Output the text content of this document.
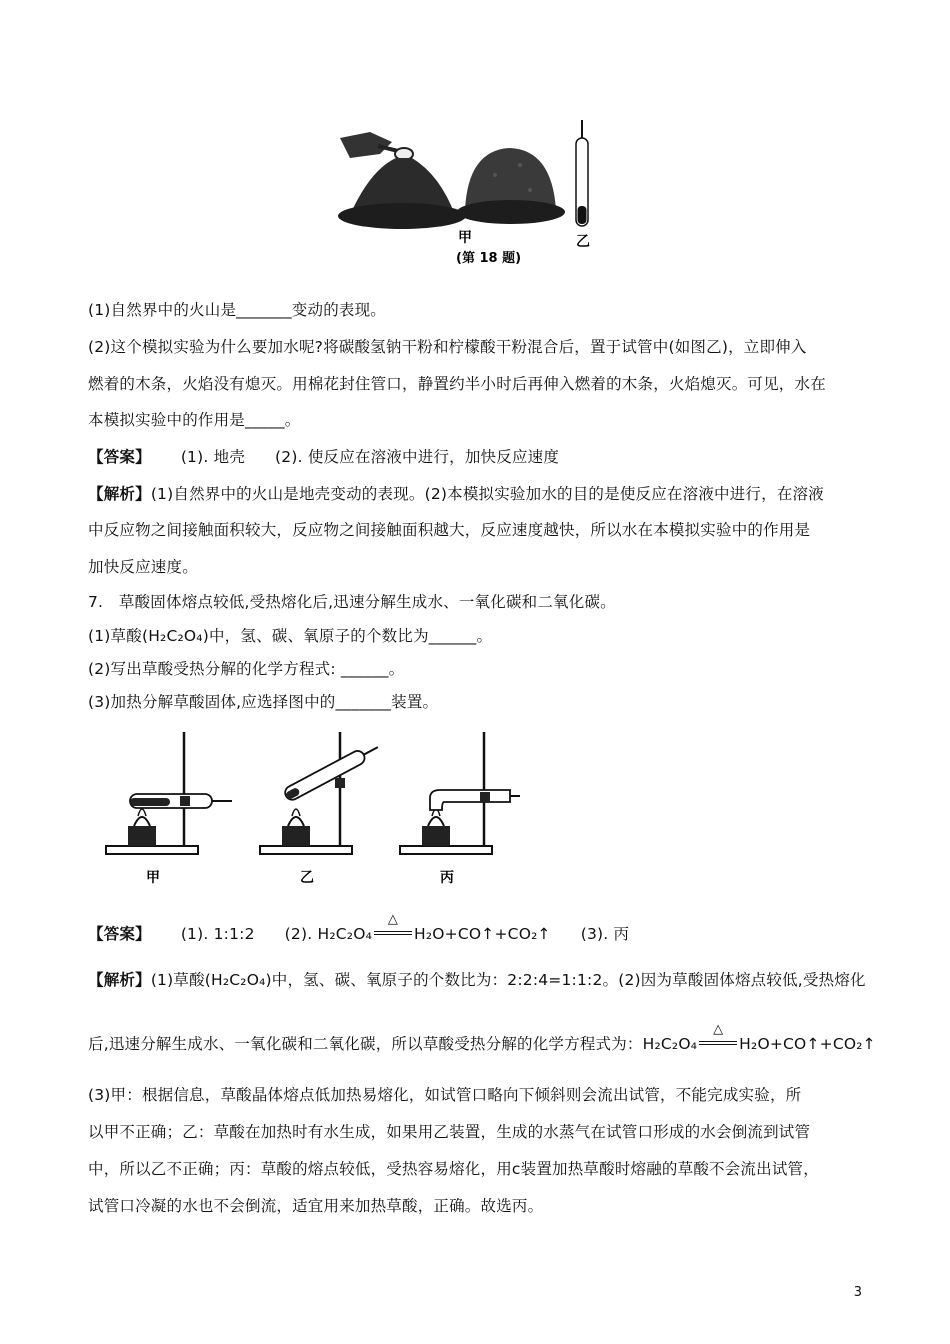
甲	乙
(第 18 题)
(1)自然界中的火山是_______变动的表现。
(2)这个模拟实验为什么要加水呢?将碳酸氢钠干粉和柠檬酸干粉混合后，置于试管中(如图乙)，立即伸入
燃着的木条，火焰没有熄灭。用棉花封住管口，静置约半小时后再伸入燃着的木条，火焰熄灭。可见，水在
本模拟实验中的作用是_____。
【答案】 (1). 地壳 (2). 使反应在溶液中进行，加快反应速度
【解析】(1)自然界中的火山是地壳变动的表现。(2)本模拟实验加水的目的是使反应在溶液中进行，在溶液
中反应物之间接触面积较大，反应物之间接触面积越大，反应速度越快，所以水在本模拟实验中的作用是
加快反应速度。
7.　草酸固体熔点较低,受热熔化后,迅速分解生成水、一氧化碳和二氧化碳。
(1)草酸(H₂C₂O₄)中，氢、碳、氧原子的个数比为______。
(2)写出草酸受热分解的化学方程式: ______。
(3)加热分解草酸固体,应选择图中的_______装置。
甲	乙	丙
【答案】 (1). 1:1:2 (2). H₂C₂O₄
△
H₂O+CO↑+CO₂↑ (3). 丙
【解析】(1)草酸(H₂C₂O₄)中，氢、碳、氧原子的个数比为：2:2:4=1:1:2。(2)因为草酸固体熔点较低,受热熔化
后,迅速分解生成水、一氧化碳和二氧化碳，所以草酸受热分解的化学方程式为：H₂C₂O₄
△
H₂O+CO↑+CO₂↑
(3)甲：根据信息，草酸晶体熔点低加热易熔化，如试管口略向下倾斜则会流出试管，不能完成实验，所
以甲不正确；乙：草酸在加热时有水生成，如果用乙装置，生成的水蒸气在试管口形成的水会倒流到试管
中，所以乙不正确；丙：草酸的熔点较低，受热容易熔化，用c装置加热草酸时熔融的草酸不会流出试管，
试管口冷凝的水也不会倒流，适宜用来加热草酸，正确。故选丙。
3
